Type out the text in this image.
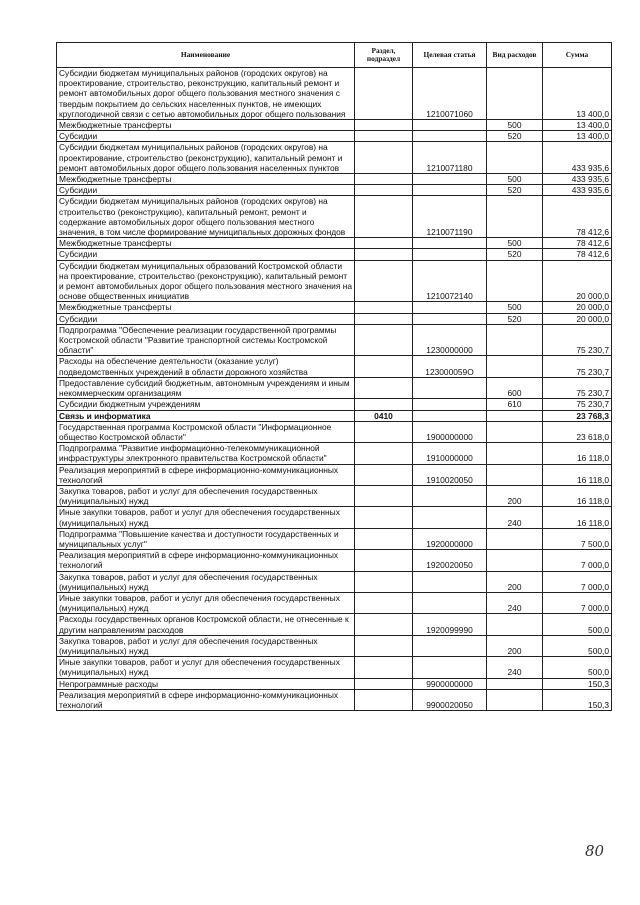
Наименование	Раздел, подраздел	Целевая статья	Вид расходов	Сумма
Субсидии бюджетам муниципальных районов (городских округов) на проектирование, строительство, реконструкцию, капитальный ремонт и ремонт автомобильных дорог общего пользования местного значения с твердым покрытием до сельских населенных пунктов, не имеющих круглогодичной связи с сетью автомобильных дорог общего пользования		1210071060		13 400,0
Межбюджетные трансферты			500	13 400,0
Субсидии			520	13 400,0
Субсидии бюджетам муниципальных районов (городских округов) на проектирование, строительство (реконструкцию), капитальный ремонт и ремонт автомобильных дорог общего пользования населенных пунктов		1210071180		433 935,6
Межбюджетные трансферты			500	433 935,6
Субсидии			520	433 935,6
Субсидии бюджетам муниципальных районов (городских округов) на строительство (реконструкцию), капитальный ремонт, ремонт и содержание автомобильных дорог общего пользования местного значения, в том числе формирование муниципальных дорожных фондов		1210071190		78 412,6
Межбюджетные трансферты			500	78 412,6
Субсидии			520	78 412,6
Субсидии бюджетам муниципальных образований Костромской области на проектирование, строительство (реконструкцию), капитальный ремонт и ремонт автомобильных дорог общего пользования местного значения на основе общественных инициатив		1210072140		20 000,0
Межбюджетные трансферты			500	20 000,0
Субсидии			520	20 000,0
Подпрограмма "Обеспечение реализации государственной программы Костромской области "Развитие транспортной системы Костромской области"		1230000000		75 230,7
Расходы на обеспечение деятельности (оказание услуг) подведомственных учреждений в области дорожного хозяйства		123000059О		75 230,7
Предоставление субсидий бюджетным, автономным учреждениям и иным некоммерческим организациям			600	75 230,7
Субсидии бюджетным учреждениям			610	75 230,7
Связь и информатика	0410			23 768,3
Государственная программа Костромской области "Информационное общество Костромской области"		1900000000		23 618,0
Подпрограмма "Развитие информационно-телекоммуникационной инфраструктуры электронного правительства Костромской области"		1910000000		16 118,0
Реализация мероприятий в сфере информационно-коммуникационных технологий		1910020050		16 118,0
Закупка товаров, работ и услуг для обеспечения государственных (муниципальных) нужд			200	16 118,0
Иные закупки товаров, работ и услуг для обеспечения государственных (муниципальных) нужд			240	16 118,0
Подпрограмма "Повышение качества и доступности государственных и муниципальных услуг"		1920000000		7 500,0
Реализация мероприятий в сфере информационно-коммуникационных технологий		1920020050		7 000,0
Закупка товаров, работ и услуг для обеспечения государственных (муниципальных) нужд			200	7 000,0
Иные закупки товаров, работ и услуг для обеспечения государственных (муниципальных) нужд			240	7 000,0
Расходы государственных органов Костромской области, не отнесенные к другим направлениям расходов		1920099990		500,0
Закупка товаров, работ и услуг для обеспечения государственных (муниципальных) нужд			200	500,0
Иные закупки товаров, работ и услуг для обеспечения государственных (муниципальных) нужд			240	500,0
Непрограммные расходы		9900000000		150,3
Реализация мероприятий в сфере информационно-коммуникационных технологий		9900020050		150,3
80
